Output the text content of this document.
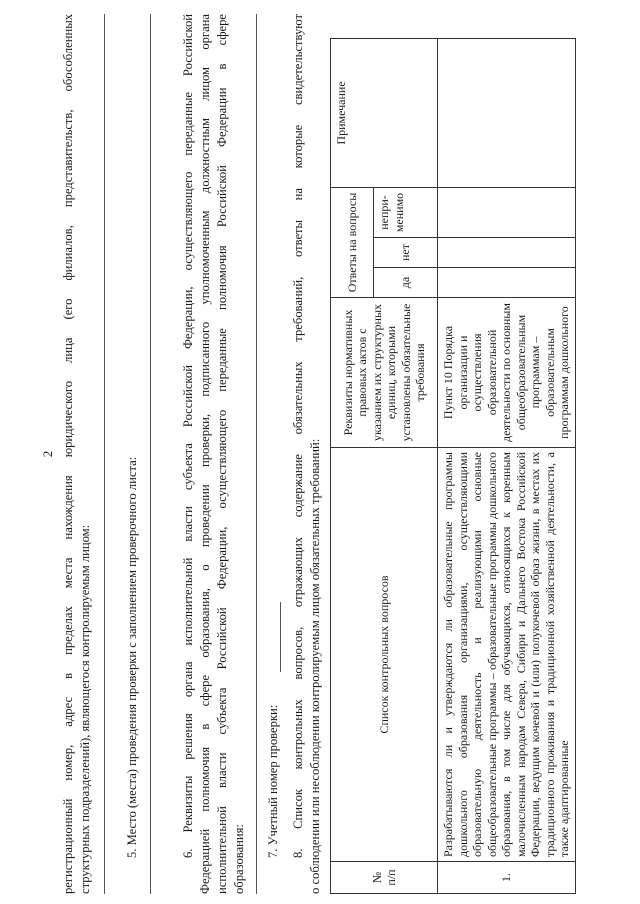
2 регистрационный номер, адрес в пределах места нахождения юридического лица (его филиалов, представительств, обособленных структурных подразделений), являющегося контролируемым лицом:	5. Место (места) проведения проверки с заполнением проверочного листа:	6. Реквизиты решения органа исполнительной власти субъекта Российской Федерации, осуществляющего переданные Российской Федерацией полномочия в сфере образования, о проведении проверки, подписанного уполномоченным должностным лицом органа исполнительной власти субъекта Российской Федерации, осуществляющего переданные полномочия Российской Федерации в сфере образования:

7. Учетный номер проверки: 8. Список контрольных вопросов, отражающих содержание обязательных требований, ответы на которые свидетельствуют о соблюдении или несоблюдении контролируемым лицом обязательных требований:	№ п/п	Список контрольных вопросов	Реквизиты нормативных правовых актов с указанием их структурных единиц, которыми установлены обязательные требования	Ответы на вопросы			Примечание
			да	нет	непри-менимо	
1.	Разрабатываются ли и утверждаются ли образовательные программы дошкольного образования организациями, осуществляющими образовательную деятельность и реализующими основные общеобразовательные программы – образовательные программы дошкольного образования, в том числе для обучающихся, относящихся к коренным малочисленным народам Севера, Сибири и Дальнего Востока Российской Федерации, ведущим кочевой и (или) полукочевой образ жизни, в местах их традиционного проживания и традиционной хозяйственной деятельности, а также адаптированные	Пункт 10 Порядка организации и осуществления образовательной деятельности по основным общеобразовательным программам – образовательным программам дошкольного				
